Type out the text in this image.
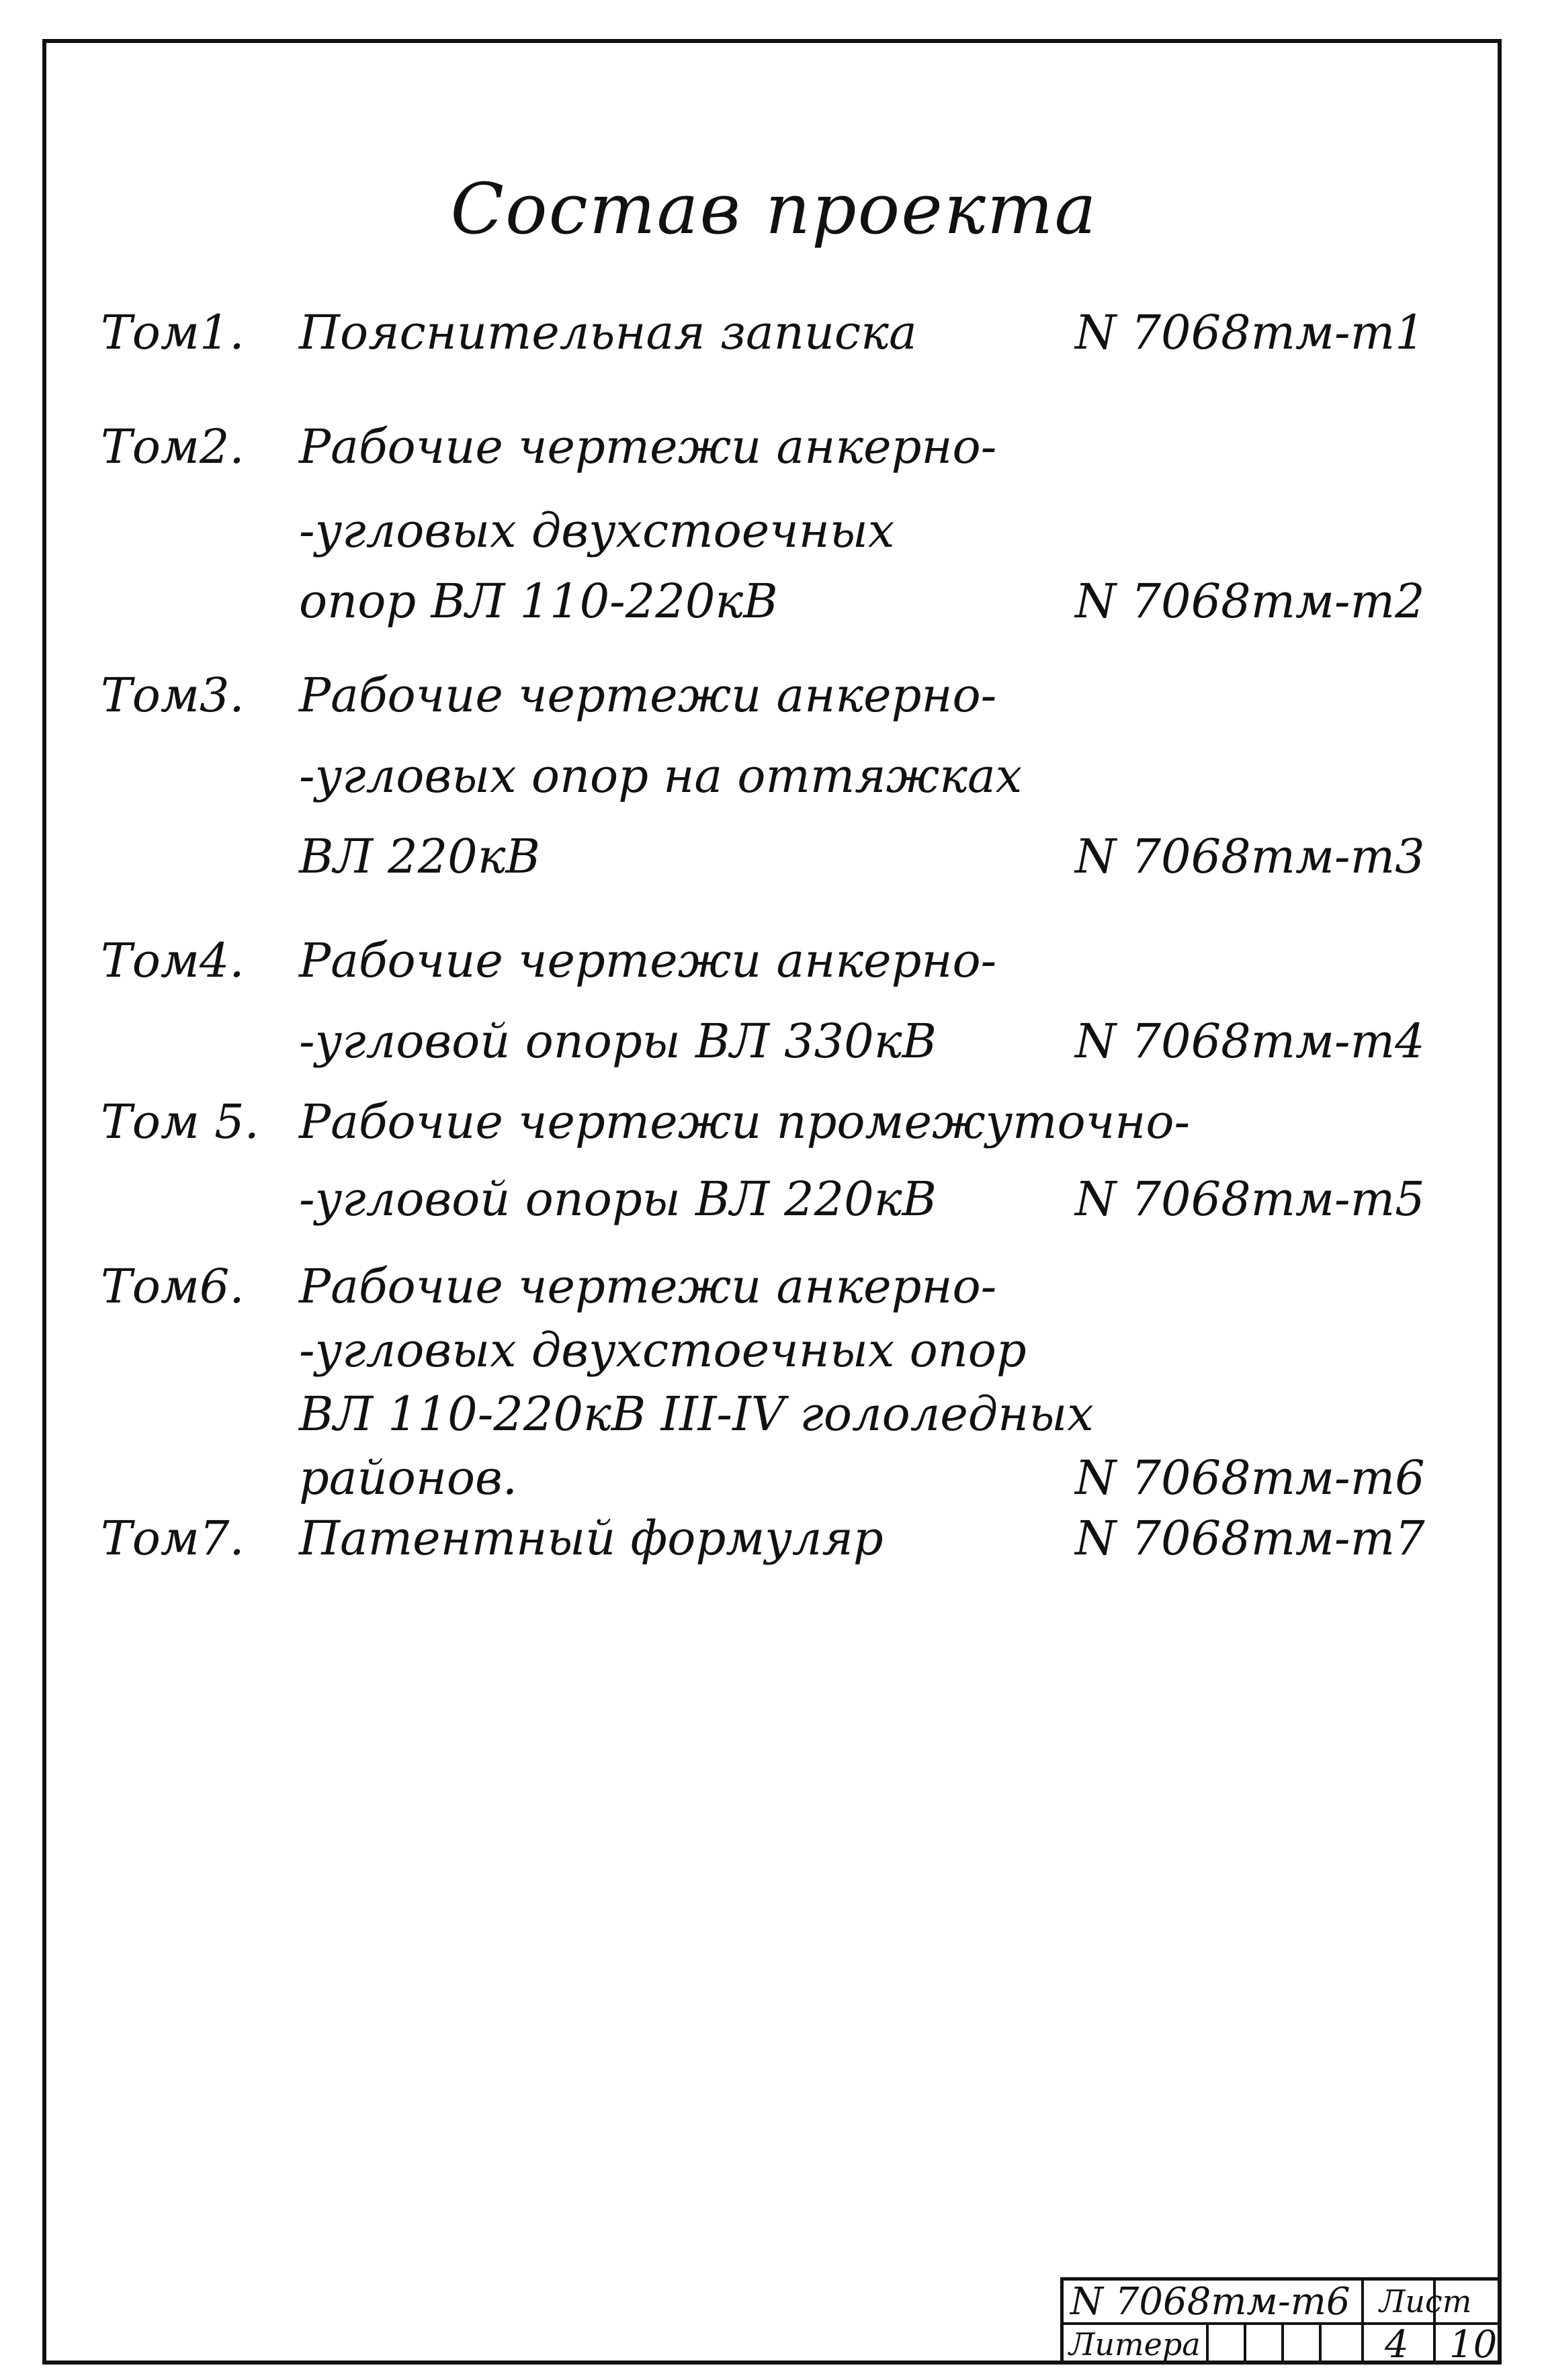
Состав проекта
Том1. Пояснительная записка	N 7068тм-т1
Том2. Рабочие чертежи анкерно-
-угловых двухстоечных
опор ВЛ 110-220кВ	N 7068тм-т2
Том3. Рабочие чертежи анкерно-
-угловых опор на оттяжках
ВЛ 220кВ	N 7068тм-т3
Том4. Рабочие чертежи анкерно-
-угловой опоры ВЛ 330кВ	N 7068тм-т4
Том 5. Рабочие чертежи промежуточно-
-угловой опоры ВЛ 220кВ	N 7068тм-т5
Том6. Рабочие чертежи анкерно-
-угловых двухстоечных опор
ВЛ 110-220кВ III-IV гололедных
районов.	N 7068тм-т6
Том7. Патентный формуляр	N 7068тм-т7
N 7068тм-т6 Лист
Литера	4 10
